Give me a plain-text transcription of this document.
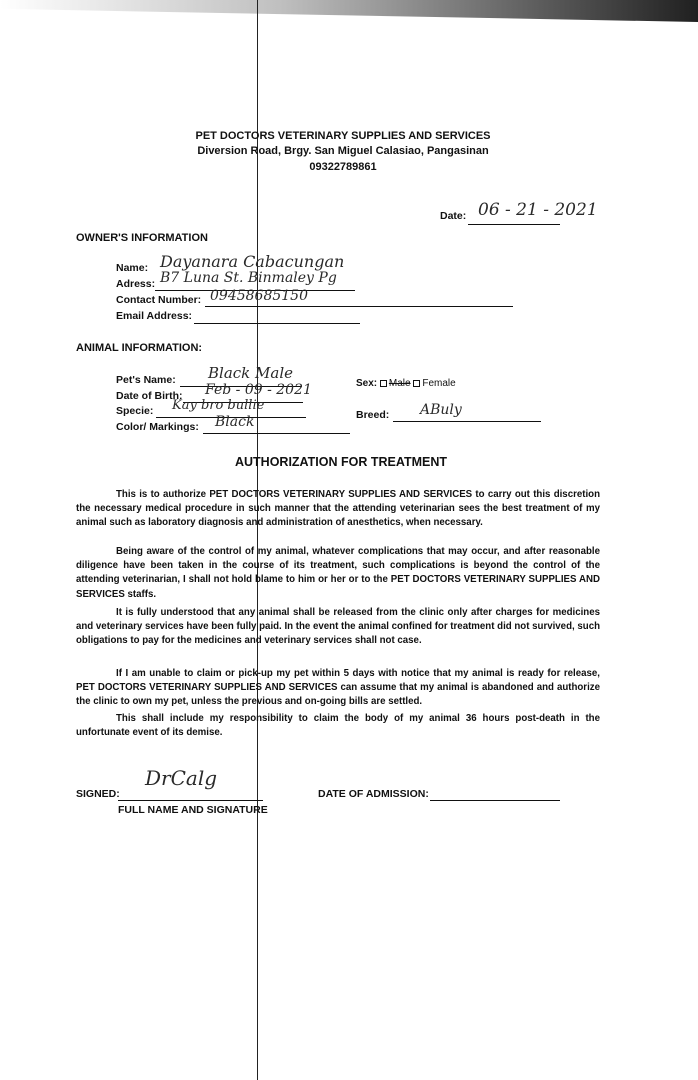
PET DOCTORS VETERINARY SUPPLIES AND SERVICES
Diversion Road, Brgy. San Miguel Calasiao, Pangasinan
09322789861
Date: 06 - 21 - 2021
OWNER'S INFORMATION
Name: Dayanara Cabacungan
Adress: B7 Luna St. Binmaley Pg
Contact Number: 09458685150
Email Address:
ANIMAL INFORMATION:
Pet's Name: Black Male
Date of Birth: Feb - 09 - 2021
Specie: Kay bro bullie
Color/ Markings: Black
Sex: Male Female
Breed: ABuly
AUTHORIZATION FOR TREATMENT

This is to authorize PET DOCTORS VETERINARY SUPPLIES AND SERVICES to carry out this discretion the necessary medical procedure in such manner that the attending veterinarian sees the best treatment of my animal such as laboratory diagnosis and administration of anesthetics, when necessary.

Being aware of the control of my animal, whatever complications that may occur, and after reasonable diligence have been taken in the course of its treatment, such complications is beyond the control of the attending veterinarian, I shall not hold blame to him or her or to the PET DOCTORS VETERINARY SUPPLIES AND SERVICES staffs.

It is fully understood that any animal shall be released from the clinic only after charges for medicines and veterinary services have been fully paid. In the event the animal confined for treatment did not survived, such obligations to pay for the medicines and veterinary services shall not case.

If I am unable to claim or pick-up my pet within 5 days with notice that my animal is ready for release, PET DOCTORS VETERINARY SUPPLIES AND SERVICES can assume that my animal is abandoned and authorize the clinic to own my pet, unless the previous and on-going bills are settled.

This shall include my responsibility to claim the body of my animal 36 hours post-death in the unfortunate event of its demise.

SIGNED:
DrCalg
FULL NAME AND SIGNATURE
DATE OF ADMISSION:
